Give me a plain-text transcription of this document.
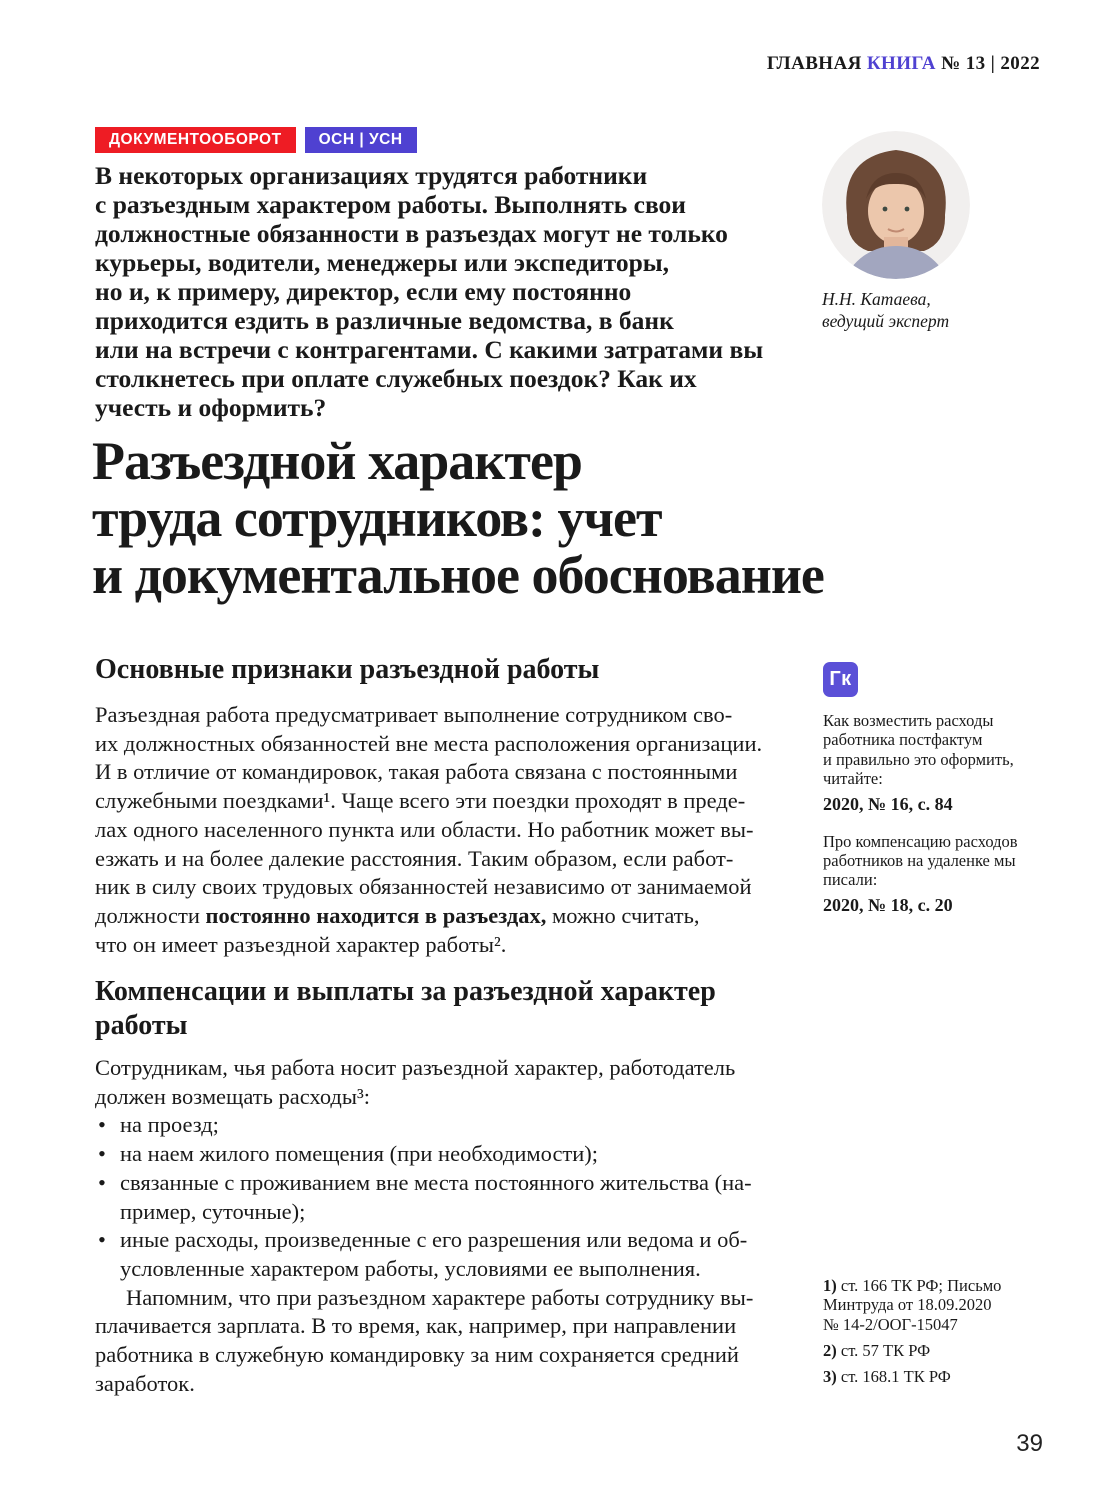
ГЛАВНАЯ КНИГА № 13 | 2022
ДОКУМЕНТООБОРОТ	ОСН | УСН
В некоторых организациях трудятся работники
с разъездным характером работы. Выполнять свои
должностные обязанности в разъездах могут не только
курьеры, водители, менеджеры или экспедиторы,
но и, к примеру, директор, если ему постоянно
приходится ездить в различные ведомства, в банк
или на встречи с контрагентами. С какими затратами вы
столкнетесь при оплате служебных поездок? Как их
учесть и оформить?
Н.Н. Катаева,
ведущий эксперт
Разъездной характер
труда сотрудников: учет
и документальное обоснование
Основные признаки разъездной работы

Разъездная работа предусматривает выполнение сотрудником сво-
их должностных обязанностей вне места расположения организации.
И в отличие от командировок, такая работа связана с постоянными
служебными поездками¹. Чаще всего эти поездки проходят в преде-
лах одного населенного пункта или области. Но работник может вы-
езжать и на более далекие расстояния. Таким образом, если работ-
ник в силу своих трудовых обязанностей независимо от занимаемой
должности постоянно находится в разъездах, можно считать,
что он имеет разъездной характер работы².

Гк
Как возместить расходы
работника постфактум
и правильно это оформить,
читайте:
2020, № 16, с. 84
Про компенсацию расходов
работников на удаленке мы
писали:
2020, № 18, с. 20
Компенсации и выплаты за разъездной характер
работы

Сотрудникам, чья работа носит разъездной характер, работодатель
должен возмещать расходы³:

• на проезд;
• на наем жилого помещения (при необходимости);
• связанные с проживанием вне места постоянного жительства (на-
пример, суточные);
• иные расходы, произведенные с его разрешения или ведома и об-
условленные характером работы, условиями ее выполнения.

Напомним, что при разъездном характере работы сотруднику вы-
плачивается зарплата. В то время, как, например, при направлении
работника в служебную командировку за ним сохраняется средний
заработок.

1) ст. 166 ТК РФ; Письмо
Минтруда от 18.09.2020
№ 14-2/ООГ-15047
2) ст. 57 ТК РФ
3) ст. 168.1 ТК РФ
39
